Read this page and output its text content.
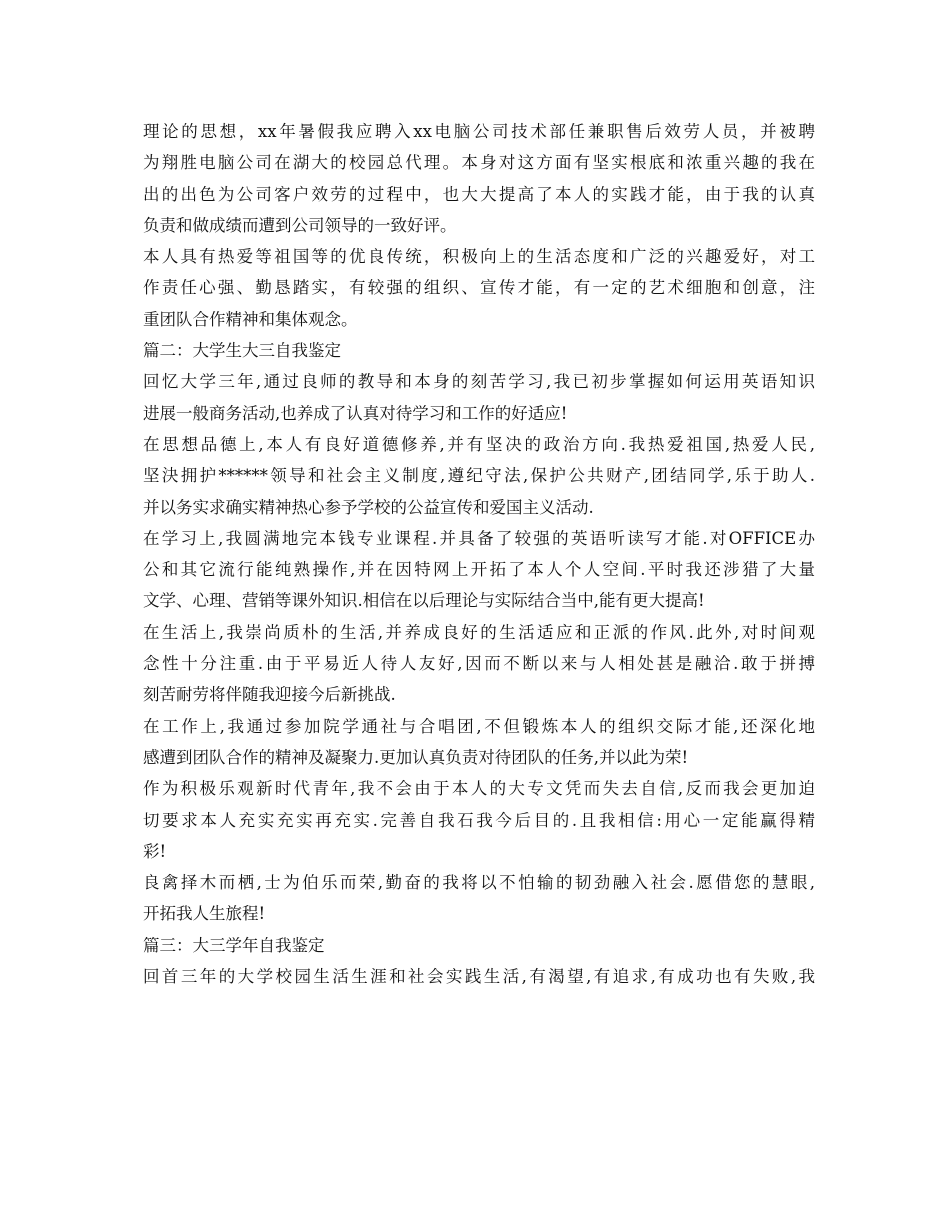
理论的思想，xx年暑假我应聘入xx电脑公司技术部任兼职售后效劳人员，并被聘
为翔胜电脑公司在湖大的校园总代理。本身对这方面有坚实根底和浓重兴趣的我在
出的出色为公司客户效劳的过程中，也大大提高了本人的实践才能，由于我的认真
负责和做成绩而遭到公司领导的一致好评。
本人具有热爱等祖国等的优良传统，积极向上的生活态度和广泛的兴趣爱好，对工
作责任心强、勤恳踏实，有较强的组织、宣传才能，有一定的艺术细胞和创意，注
重团队合作精神和集体观念。
篇二：大学生大三自我鉴定
回忆大学三年,通过良师的教导和本身的刻苦学习,我已初步掌握如何运用英语知识
进展一般商务活动,也养成了认真对待学习和工作的好适应!
在思想品德上,本人有良好道德修养,并有坚决的政治方向.我热爱祖国,热爱人民,
坚決拥护******领导和社会主义制度,遵纪守法,保护公共财产,团结同学,乐于助人.
并以务实求确实精神热心参予学校的公益宣传和爱国主义活动.
在学习上,我圆满地完本钱专业课程.并具备了较强的英语听读写才能.对OFFICE办
公和其它流行能纯熟操作,并在因特网上开拓了本人个人空间.平时我还涉猎了大量
文学、心理、营销等课外知识.相信在以后理论与实际结合当中,能有更大提高!
在生活上,我崇尚质朴的生活,并养成良好的生活适应和正派的作风.此外,对时间观
念性十分注重.由于平易近人待人友好,因而不断以来与人相处甚是融洽.敢于拼搏
刻苦耐劳将伴随我迎接今后新挑战.
在工作上,我通过参加院学通社与合唱团,不但锻炼本人的组织交际才能,还深化地
感遭到团队合作的精神及凝聚力.更加认真负责对待团队的任务,并以此为荣!
作为积极乐观新时代青年,我不会由于本人的大专文凭而失去自信,反而我会更加迫
切要求本人充实充实再充实.完善自我石我今后目的.且我相信:用心一定能赢得精
彩!
良禽择木而栖,士为伯乐而荣,勤奋的我将以不怕输的韧劲融入社会.愿借您的慧眼,
开拓我人生旅程!
篇三：大三学年自我鉴定
回首三年的大学校园生活生涯和社会实践生活,有渴望,有追求,有成功也有失败,我
